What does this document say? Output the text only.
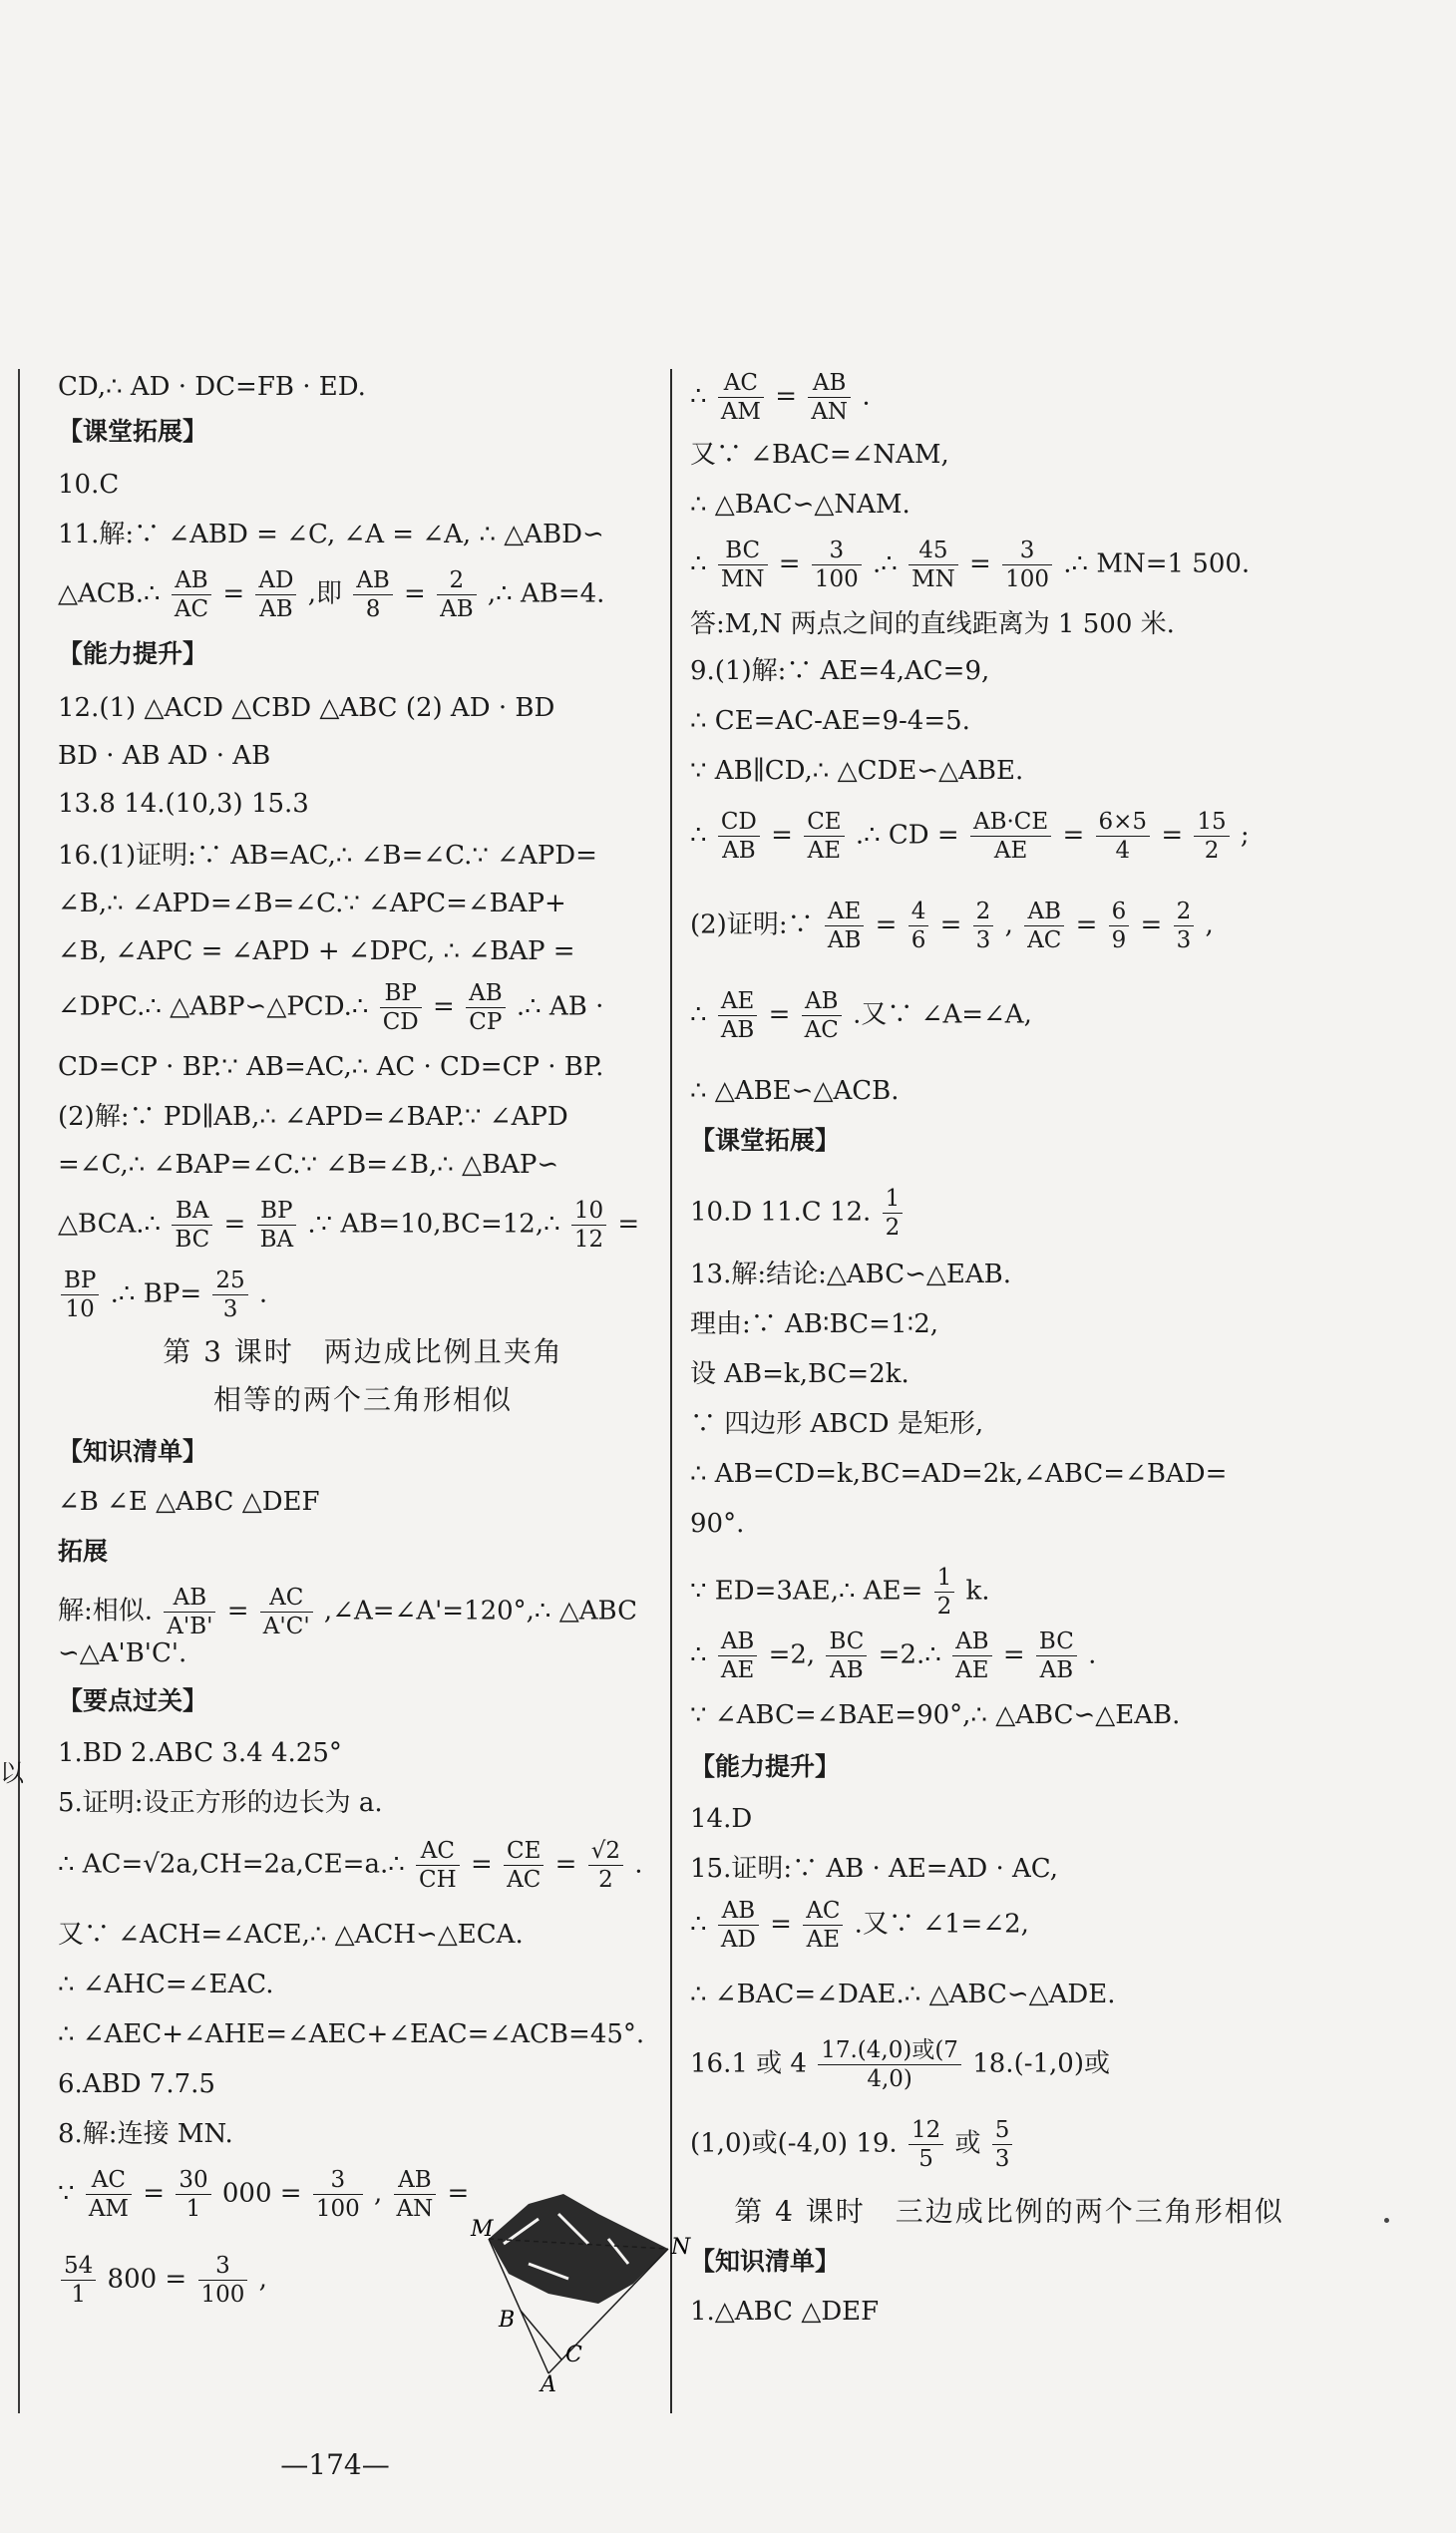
以
CD,∴ AD · DC=FB · ED.
【课堂拓展】
10.C
11.解:∵ ∠ABD = ∠C, ∠A = ∠A, ∴ △ABD∽
△ACB.∴ $\frac{AB}{AC} = \frac{AD}{AB}$ ,即 $\frac{AB}{8} = \frac{2}{AB}$ ,∴ AB=4.
【能力提升】
12.(1) △ACD △CBD △ABC (2) AD · BD
BD · AB AD · AB
13.8 14.(10,3) 15.3
16.(1)证明:∵ AB=AC,∴ ∠B=∠C.∵ ∠APD=
∠B,∴ ∠APD=∠B=∠C.∵ ∠APC=∠BAP+
∠B, ∠APC = ∠APD + ∠DPC, ∴ ∠BAP =
∠DPC.∴ △ABP∽△PCD.∴ $\frac{BP}{CD} = \frac{AB}{CP}$ .∴ AB ·
CD=CP · BP.∵ AB=AC,∴ AC · CD=CP · BP.
(2)解:∵ PD∥AB,∴ ∠APD=∠BAP.∵ ∠APD
=∠C,∴ ∠BAP=∠C.∵ ∠B=∠B,∴ △BAP∽
△BCA.∴ $\frac{BA}{BC} = \frac{BP}{BA}$ .∵ AB=10,BC=12,∴ $\frac{10}{12}$ =
$\frac{BP}{10}$ .∴ $BP= \frac{25}{3}$ .
第 3 课时　两边成比例且夹角
相等的两个三角形相似
【知识清单】
∠B ∠E △ABC △DEF
拓展
解:相似. $\frac{AB}{A'B'} = \frac{AC}{A'C'}$ ,∠A=∠A'=120°,∴ △ABC
∽△A'B'C'.
【要点过关】
1.BD 2.ABC 3.4 4.25°
5.证明:设正方形的边长为 a.
∴ AC=√2a,CH=2a,CE=a.∴ $\frac{AC}{CH} = \frac{CE}{AC} = \frac{√2}{2}$ .
又∵ ∠ACH=∠ACE,∴ △ACH∽△ECA.
∴ ∠AHC=∠EAC.
∴ ∠AEC+∠AHE=∠AEC+∠EAC=∠ACB=45°.
6.ABD 7.7.5
8.解:连接 MN.
∵ $\frac{AC}{AM} = \frac{30}{1} 000 = \frac{3}{100}$ , $\frac{AB}{AN}$ =
$\frac{54}{1} 800 = \frac{3}{100}$ ,
∴ $\frac{AC}{AM} = \frac{AB}{AN}$ .
又∵ ∠BAC=∠NAM,
∴ △BAC∽△NAM.
∴ $\frac{BC}{MN} = \frac{3}{100}$ .∴ $\frac{45}{MN} = \frac{3}{100}$ .∴ MN=1 500.
答:M,N 两点之间的直线距离为 1 500 米.
9.(1)解:∵ AE=4,AC=9,
∴ CE=AC-AE=9-4=5.
∵ AB∥CD,∴ △CDE∽△ABE.
∴ $\frac{CD}{AB} = \frac{CE}{AE}$ .∴ CD = $\frac{AB\cdot CE}{AE} = \frac{6\times 5}{4} = \frac{15}{2}$ ;
(2)证明:∵ $\frac{AE}{AB} = \frac{4}{6} = \frac{2}{3}$ , $\frac{AB}{AC} = \frac{6}{9} = \frac{2}{3}$ ,
∴ $\frac{AE}{AB} = \frac{AB}{AC}$ .又∵ ∠A=∠A,
∴ △ABE∽△ACB.
【课堂拓展】
10.D 11.C 12. $\frac{1}{2}$
13.解:结论:△ABC∽△EAB.
理由:∵ AB∶BC=1∶2,
设 AB=k,BC=2k.
∵ 四边形 ABCD 是矩形,
∴ AB=CD=k,BC=AD=2k,∠ABC=∠BAD=
90°.
∵ ED=3AE,∴ $AE= \frac{1}{2} k$.
∴ $\frac{AB}{AE} =2$, $\frac{BC}{AB}$ =2.∴ $\frac{AB}{AE} = \frac{BC}{AB}$ .
∵ ∠ABC=∠BAE=90°,∴ △ABC∽△EAB.
【能力提升】
14.D
15.证明:∵ AB · AE=AD · AC,
∴ $\frac{AB}{AD} = \frac{AC}{AE}$ .又∵ ∠1=∠2,
∴ ∠BAC=∠DAE.∴ △ABC∽△ADE.
16.1 或 $4 \frac{\text{17.(4,0)或(7}}{4,0)} 18.(-1,0)$或
(1,0)或(-4,0) 19. $\frac{12}{5}$ 或 $\frac{5}{3}$
第 4 课时　三边成比例的两个三角形相似
【知识清单】
1.△ABC △DEF
M
N
B
C
A
—174—
